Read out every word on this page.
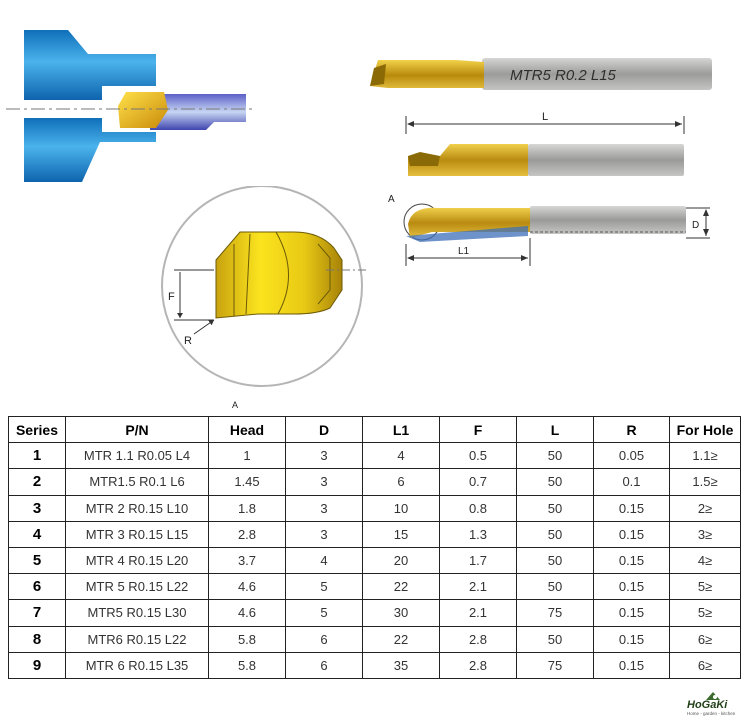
MTR5 R0.2 L15
L
A
D
L1
F
R
A
Series	P/N	Head	D	L1	F	L	R	For Hole
1	MTR 1.1 R0.05 L4	1	3	4	0.5	50	0.05	1.1≥
2	MTR1.5 R0.1 L6	1.45	3	6	0.7	50	0.1	1.5≥
3	MTR 2 R0.15 L10	1.8	3	10	0.8	50	0.15	2≥
4	MTR 3 R0.15 L15	2.8	3	15	1.3	50	0.15	3≥
5	MTR 4 R0.15 L20	3.7	4	20	1.7	50	0.15	4≥
6	MTR 5 R0.15 L22	4.6	5	22	2.1	50	0.15	5≥
7	MTR5 R0.15 L30	4.6	5	30	2.1	75	0.15	5≥
8	MTR6 R0.15 L22	5.8	6	22	2.8	50	0.15	6≥
9	MTR 6 R0.15 L35	5.8	6	35	2.8	75	0.15	6≥
HoGaKi
Home - garden - kitchen
